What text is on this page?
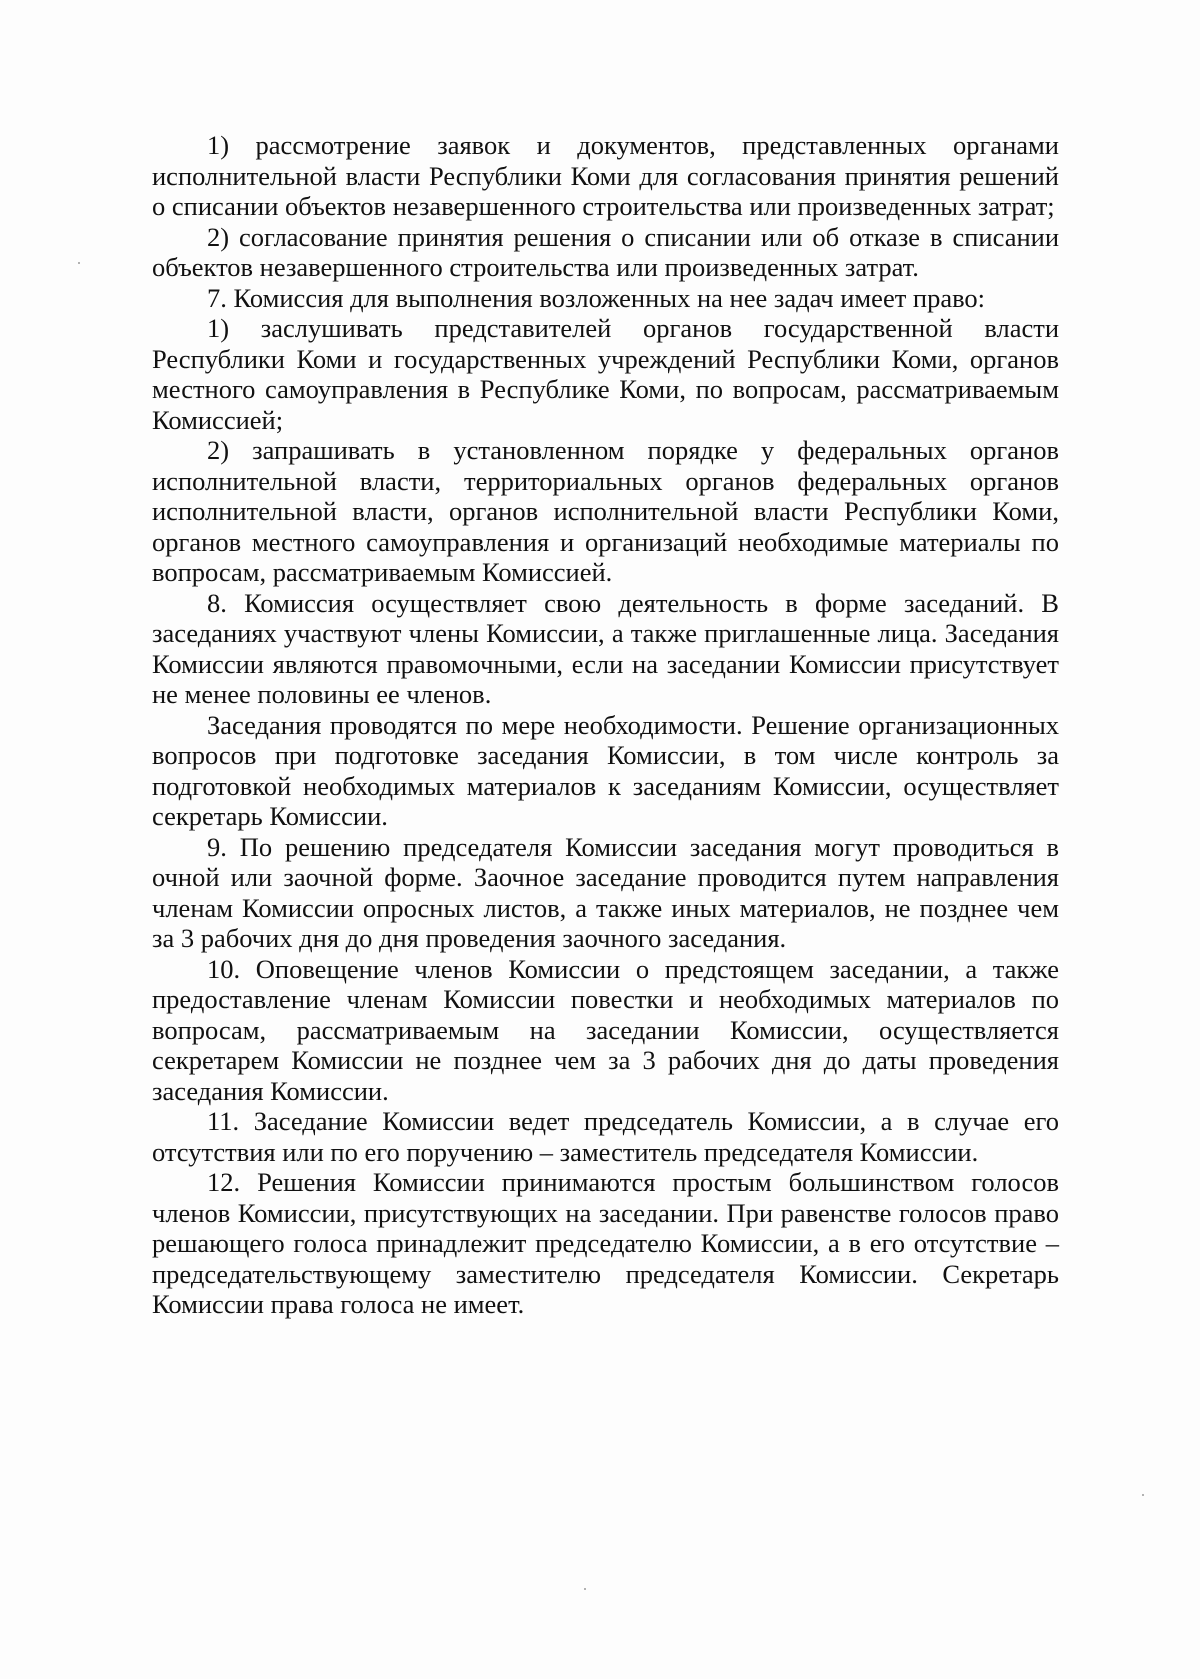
1) рассмотрение заявок и документов, представленных органами исполнительной власти Республики Коми для согласования принятия решений о списании объектов незавершенного строительства или произведенных затрат;

2) согласование принятия решения о списании или об отказе в списании объектов незавершенного строительства или произведенных затрат.

7. Комиссия для выполнения возложенных на нее задач имеет право:

1) заслушивать представителей органов государственной власти Республики Коми и государственных учреждений Республики Коми, органов местного самоуправления в Республике Коми, по вопросам, рассматриваемым Комиссией;

2) запрашивать в установленном порядке у федеральных органов исполнительной власти, территориальных органов федеральных органов исполнительной власти, органов исполнительной власти Республики Коми, органов местного самоуправления и организаций необходимые материалы по вопросам, рассматриваемым Комиссией.

8. Комиссия осуществляет свою деятельность в форме заседаний. В заседаниях участвуют члены Комиссии, а также приглашенные лица. Заседания Комиссии являются правомочными, если на заседании Комиссии присутствует не менее половины ее членов.

Заседания проводятся по мере необходимости. Решение организационных вопросов при подготовке заседания Комиссии, в том числе контроль за подготовкой необходимых материалов к заседаниям Комиссии, осуществляет секретарь Комиссии.

9. По решению председателя Комиссии заседания могут проводиться в очной или заочной форме. Заочное заседание проводится путем направления членам Комиссии опросных листов, а также иных материалов, не позднее чем за 3 рабочих дня до дня проведения заочного заседания.

10. Оповещение членов Комиссии о предстоящем заседании, а также предоставление членам Комиссии повестки и необходимых материалов по вопросам, рассматриваемым на заседании Комиссии, осуществляется секретарем Комиссии не позднее чем за 3 рабочих дня до даты проведения заседания Комиссии.

11. Заседание Комиссии ведет председатель Комиссии, а в случае его отсутствия или по его поручению – заместитель председателя Комиссии.

12. Решения Комиссии принимаются простым большинством голосов членов Комиссии, присутствующих на заседании. При равенстве голосов право решающего голоса принадлежит председателю Комиссии, а в его отсутствие – председательствующему заместителю председателя Комиссии. Секретарь Комиссии права голоса не имеет.
